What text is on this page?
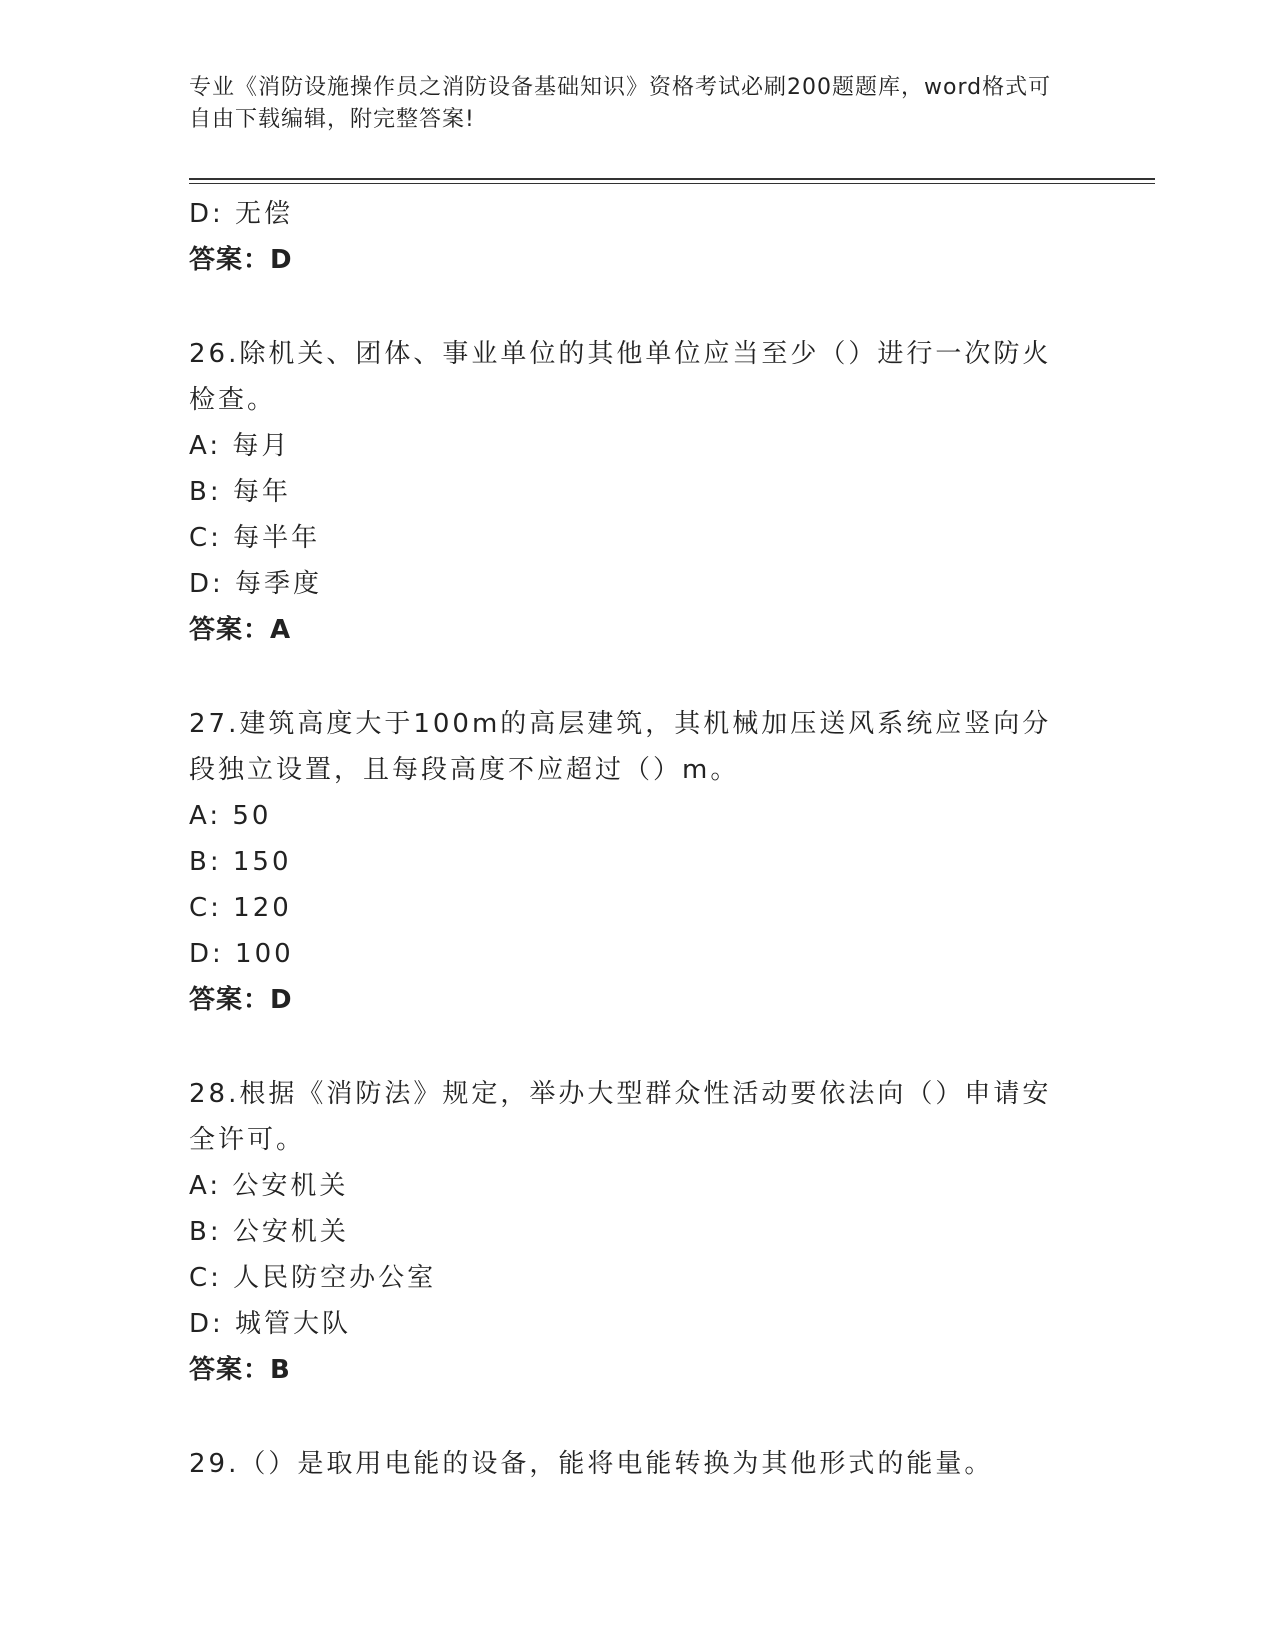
专业《消防设施操作员之消防设备基础知识》资格考试必刷200题题库，word格式可自由下载编辑，附完整答案!
D: 无偿
答案：D
26.除机关、团体、事业单位的其他单位应当至少（）进行一次防火检查。
A: 每月
B: 每年
C: 每半年
D: 每季度
答案：A
27.建筑高度大于100m的高层建筑，其机械加压送风系统应竖向分段独立设置，且每段高度不应超过（）m。
A: 50
B: 150
C: 120
D: 100
答案：D
28.根据《消防法》规定，举办大型群众性活动要依法向（）申请安全许可。
A: 公安机关
B: 公安机关
C: 人民防空办公室
D: 城管大队
答案：B
29.（）是取用电能的设备，能将电能转换为其他形式的能量。
